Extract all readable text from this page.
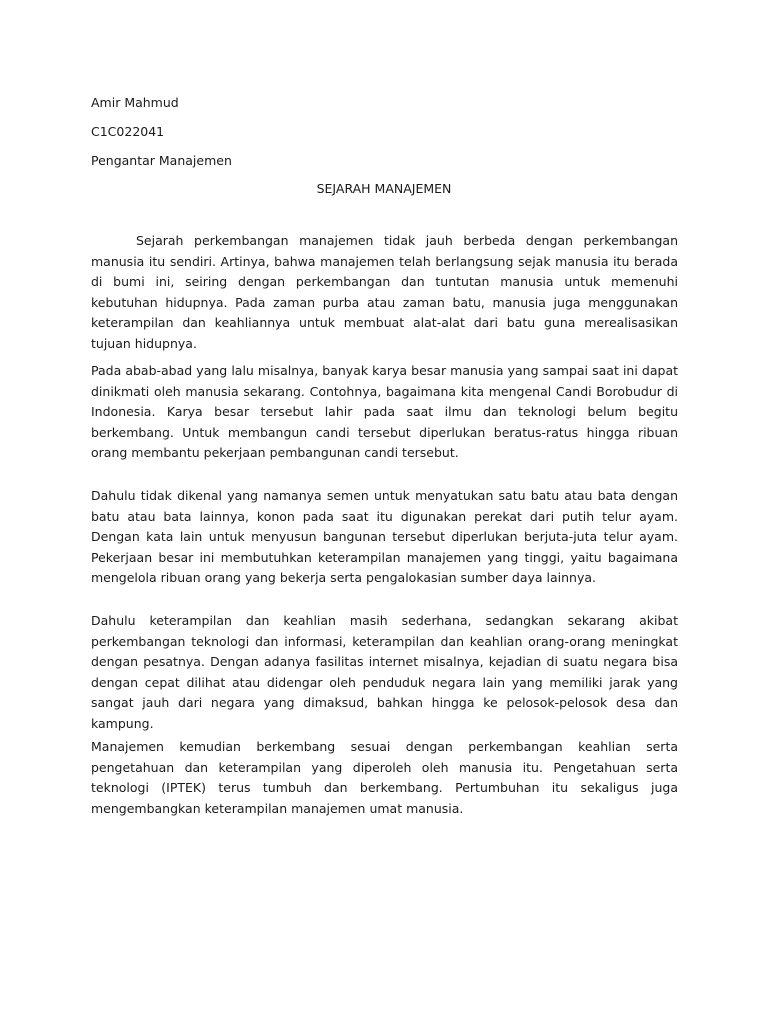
Amir Mahmud
C1C022041
Pengantar Manajemen
SEJARAH MANAJEMEN

Sejarah perkembangan manajemen tidak jauh berbeda dengan perkembangan manusia itu sendiri. Artinya, bahwa manajemen telah berlangsung sejak manusia itu berada di bumi ini, seiring dengan perkembangan dan tuntutan manusia untuk memenuhi kebutuhan hidupnya. Pada zaman purba atau zaman batu, manusia juga menggunakan keterampilan dan keahliannya untuk membuat alat-alat dari batu guna merealisasikan tujuan hidupnya.

Pada abab-abad yang lalu misalnya, banyak karya besar manusia yang sampai saat ini dapat dinikmati oleh manusia sekarang. Contohnya, bagaimana kita mengenal Candi Borobudur di Indonesia. Karya besar tersebut lahir pada saat ilmu dan teknologi belum begitu berkembang. Untuk membangun candi tersebut diperlukan beratus-ratus hingga ribuan orang membantu pekerjaan pembangunan candi tersebut.

Dahulu tidak dikenal yang namanya semen untuk menyatukan satu batu atau bata dengan batu atau bata lainnya, konon pada saat itu digunakan perekat dari putih telur ayam. Dengan kata lain untuk menyusun bangunan tersebut diperlukan berjuta-juta telur ayam. Pekerjaan besar ini membutuhkan keterampilan manajemen yang tinggi, yaitu bagaimana mengelola ribuan orang yang bekerja serta pengalokasian sumber daya lainnya.

Dahulu keterampilan dan keahlian masih sederhana, sedangkan sekarang akibat perkembangan teknologi dan informasi, keterampilan dan keahlian orang-orang meningkat dengan pesatnya. Dengan adanya fasilitas internet misalnya, kejadian di suatu negara bisa dengan cepat dilihat atau didengar oleh penduduk negara lain yang memiliki jarak yang sangat jauh dari negara yang dimaksud, bahkan hingga ke pelosok-pelosok desa dan kampung.

Manajemen kemudian berkembang sesuai dengan perkembangan keahlian serta pengetahuan dan keterampilan yang diperoleh oleh manusia itu. Pengetahuan serta teknologi (IPTEK) terus tumbuh dan berkembang. Pertumbuhan itu sekaligus juga mengembangkan keterampilan manajemen umat manusia.
